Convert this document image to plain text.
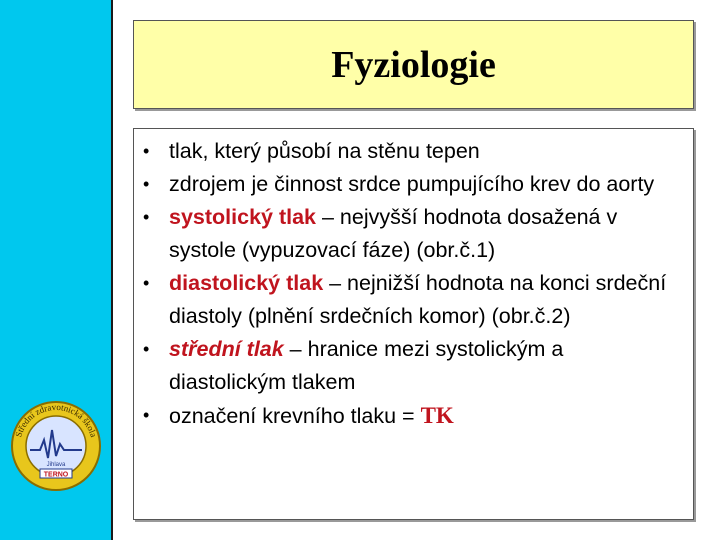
Střední zdravotnická škola
Jihlava
TERNO
Fyziologie
• tlak, který působí na stěnu tepen
• zdrojem je činnost srdce pumpujícího krev do aorty
• systolický tlak – nejvyšší hodnota dosažená v systole (vypuzovací fáze) (obr.č.1)
• diastolický tlak – nejnižší hodnota na konci srdeční diastoly (plnění srdečních komor) (obr.č.2)
• střední tlak – hranice mezi systolickým a diastolickým tlakem
• označení krevního tlaku = TK
